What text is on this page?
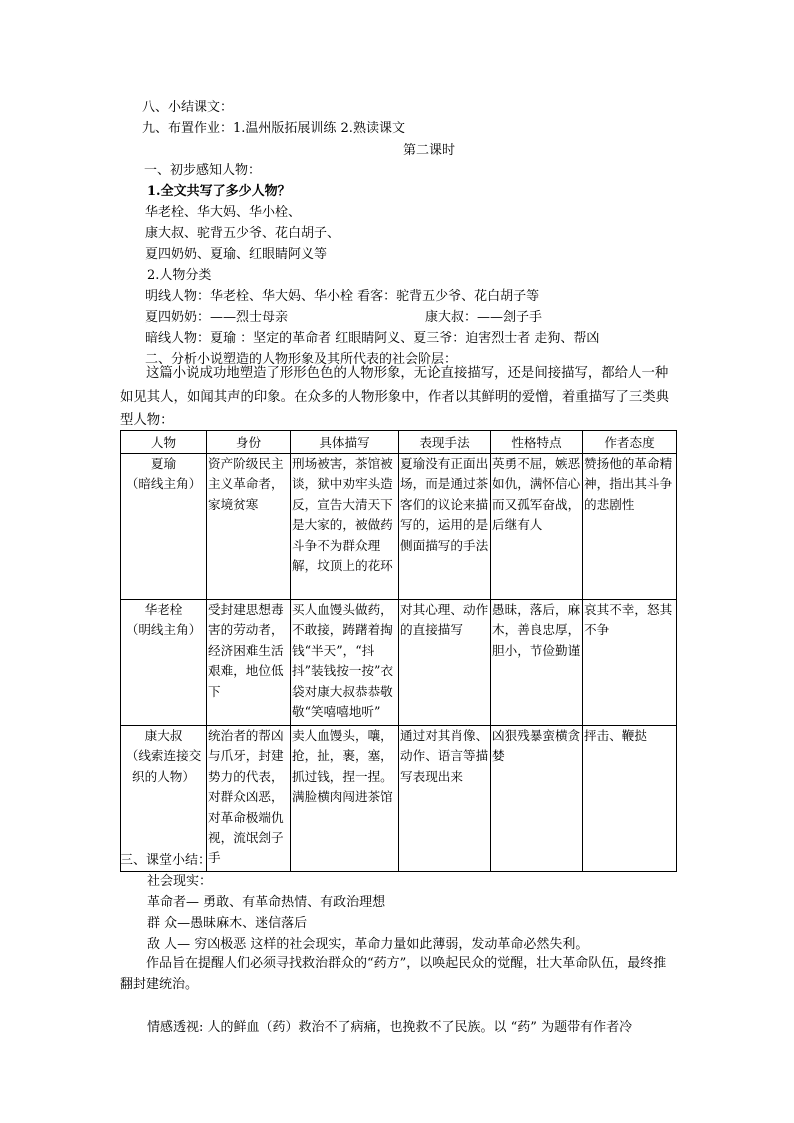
八、小结课文：
九、布置作业：1.温州版拓展训练 2.熟读课文
第二课时
一、初步感知人物：
1.全文共写了多少人物？
华老栓、华大妈、华小栓、
康大叔、驼背五少爷、花白胡子、
夏四奶奶、夏瑜、红眼睛阿义等
2.人物分类
明线人物：华老栓、华大妈、华小栓 看客：驼背五少爷、花白胡子等
夏四奶奶：——烈士母亲	康大叔：——刽子手
暗线人物：夏瑜 ：坚定的革命者 红眼睛阿义、夏三爷：迫害烈士者 走狗、帮凶
二、分析小说塑造的人物形象及其所代表的社会阶层：
这篇小说成功地塑造了形形色色的人物形象，无论直接描写，还是间接描写，都给人一种如见其人，如闻其声的印象。在众多的人物形象中，作者以其鲜明的爱憎，着重描写了三类典型人物：
人物	身份	具体描写	表现手法	性格特点	作者态度

夏瑜
（暗线主角）	资产阶级民主主义革命者，家境贫寒	刑场被害，茶馆被谈，狱中劝牢头造反，宣告大清天下是大家的，被做药斗争不为群众理解，坟顶上的花环	夏瑜没有正面出场，而是通过茶客们的议论来描写的，运用的是侧面描写的手法	英勇不屈，嫉恶如仇，满怀信心而又孤军奋战，后继有人	赞扬他的革命精神，指出其斗争的悲剧性

华老栓
（明线主角）	受封建思想毒害的劳动者，经济困难生活艰难，地位低下	买人血馒头做药，不敢接，踌躇着掏钱“半天”，“抖抖”装钱按一按”衣袋对康大叔恭恭敬敬“笑嘻嘻地听”	对其心理、动作的直接描写	愚昧，落后，麻木，善良忠厚，胆小，节俭勤谨	哀其不幸，怒其不争

康大叔
（线索连接交织的人物）	统治者的帮凶与爪牙，封建势力的代表，对群众凶恶，对革命极端仇视，流氓刽子手	卖人血馒头，嚷，抢，扯，裹，塞，抓过钱，捏一捏。满脸横肉闯进茶馆	通过对其肖像、动作、语言等描写表现出来	凶狠残暴蛮横贪婪	抨击、鞭挞
三、课堂小结：
社会现实：
革命者— 勇敢、有革命热情、有政治理想
群 众—愚昧麻木、迷信落后
敌 人— 穷凶极恶 这样的社会现实，革命力量如此薄弱，发动革命必然失利。
作品旨在提醒人们必须寻找救治群众的“药方”，以唤起民众的觉醒，壮大革命队伍，最终推翻封建统治。
情感透视: 人的鲜血（药）救治不了病痛，也挽救不了民族。以 “药” 为题带有作者冷
